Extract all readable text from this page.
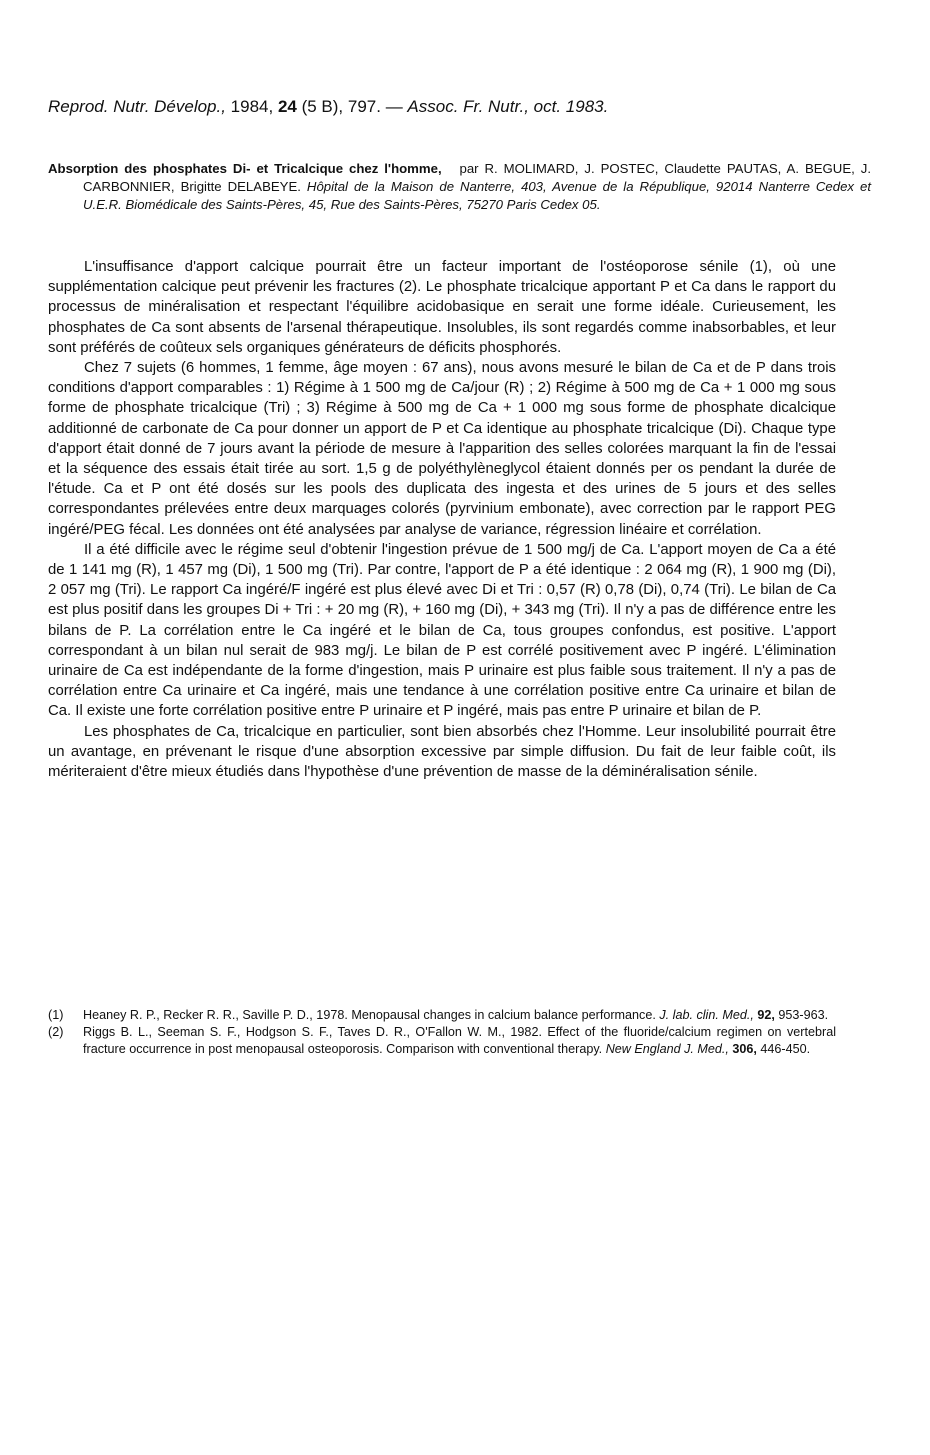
Reprod. Nutr. Dévelop., 1984, 24 (5 B), 797. — Assoc. Fr. Nutr., oct. 1983.
Absorption des phosphates Di- et Tricalcique chez l'homme, par R. MOLIMARD, J. POSTEC, Claudette PAUTAS, A. BEGUE, J. CARBONNIER, Brigitte DELABEYE. Hôpital de la Maison de Nanterre, 403, Avenue de la République, 92014 Nanterre Cedex et U.E.R. Biomédicale des Saints-Pères, 45, Rue des Saints-Pères, 75270 Paris Cedex 05.

L'insuffisance d'apport calcique pourrait être un facteur important de l'ostéoporose sénile (1), où une supplémentation calcique peut prévenir les fractures (2). Le phosphate tricalcique apportant P et Ca dans le rapport du processus de minéralisation et respectant l'équilibre acidobasique en serait une forme idéale. Curieusement, les phosphates de Ca sont absents de l'arsenal thérapeutique. Insolubles, ils sont regardés comme inabsorbables, et leur sont préférés de coûteux sels organiques générateurs de déficits phosphorés.

Chez 7 sujets (6 hommes, 1 femme, âge moyen : 67 ans), nous avons mesuré le bilan de Ca et de P dans trois conditions d'apport comparables : 1) Régime à 1 500 mg de Ca/jour (R) ; 2) Régime à 500 mg de Ca + 1 000 mg sous forme de phosphate tricalcique (Tri) ; 3) Régime à 500 mg de Ca + 1 000 mg sous forme de phosphate dicalcique additionné de carbonate de Ca pour donner un apport de P et Ca identique au phosphate tricalcique (Di). Chaque type d'apport était donné de 7 jours avant la période de mesure à l'apparition des selles colorées marquant la fin de l'essai et la séquence des essais était tirée au sort. 1,5 g de polyéthylèneglycol étaient donnés per os pendant la durée de l'étude. Ca et P ont été dosés sur les pools des duplicata des ingesta et des urines de 5 jours et des selles correspondantes prélevées entre deux marquages colorés (pyrvinium embonate), avec correction par le rapport PEG ingéré/PEG fécal. Les données ont été analysées par analyse de variance, régression linéaire et corrélation.

Il a été difficile avec le régime seul d'obtenir l'ingestion prévue de 1 500 mg/j de Ca. L'apport moyen de Ca a été de 1 141 mg (R), 1 457 mg (Di), 1 500 mg (Tri). Par contre, l'apport de P a été identique : 2 064 mg (R), 1 900 mg (Di), 2 057 mg (Tri). Le rapport Ca ingéré/F ingéré est plus élevé avec Di et Tri : 0,57 (R) 0,78 (Di), 0,74 (Tri). Le bilan de Ca est plus positif dans les groupes Di + Tri : + 20 mg (R), + 160 mg (Di), + 343 mg (Tri). Il n'y a pas de différence entre les bilans de P. La corrélation entre le Ca ingéré et le bilan de Ca, tous groupes confondus, est positive. L'apport correspondant à un bilan nul serait de 983 mg/j. Le bilan de P est corrélé positivement avec P ingéré. L'élimination urinaire de Ca est indépendante de la forme d'ingestion, mais P urinaire est plus faible sous traitement. Il n'y a pas de corrélation entre Ca urinaire et Ca ingéré, mais une tendance à une corrélation positive entre Ca urinaire et bilan de Ca. Il existe une forte corrélation positive entre P urinaire et P ingéré, mais pas entre P urinaire et bilan de P.

Les phosphates de Ca, tricalcique en particulier, sont bien absorbés chez l'Homme. Leur insolubilité pourrait être un avantage, en prévenant le risque d'une absorption excessive par simple diffusion. Du fait de leur faible coût, ils mériteraient d'être mieux étudiés dans l'hypothèse d'une prévention de masse de la déminéralisation sénile.

(1) Heaney R. P., Recker R. R., Saville P. D., 1978. Menopausal changes in calcium balance performance. J. lab. clin. Med., 92, 953-963.
(2) Riggs B. L., Seeman S. F., Hodgson S. F., Taves D. R., O'Fallon W. M., 1982. Effect of the fluoride/calcium regimen on vertebral fracture occurrence in post menopausal osteoporosis. Comparison with conventional therapy. New England J. Med., 306, 446-450.
